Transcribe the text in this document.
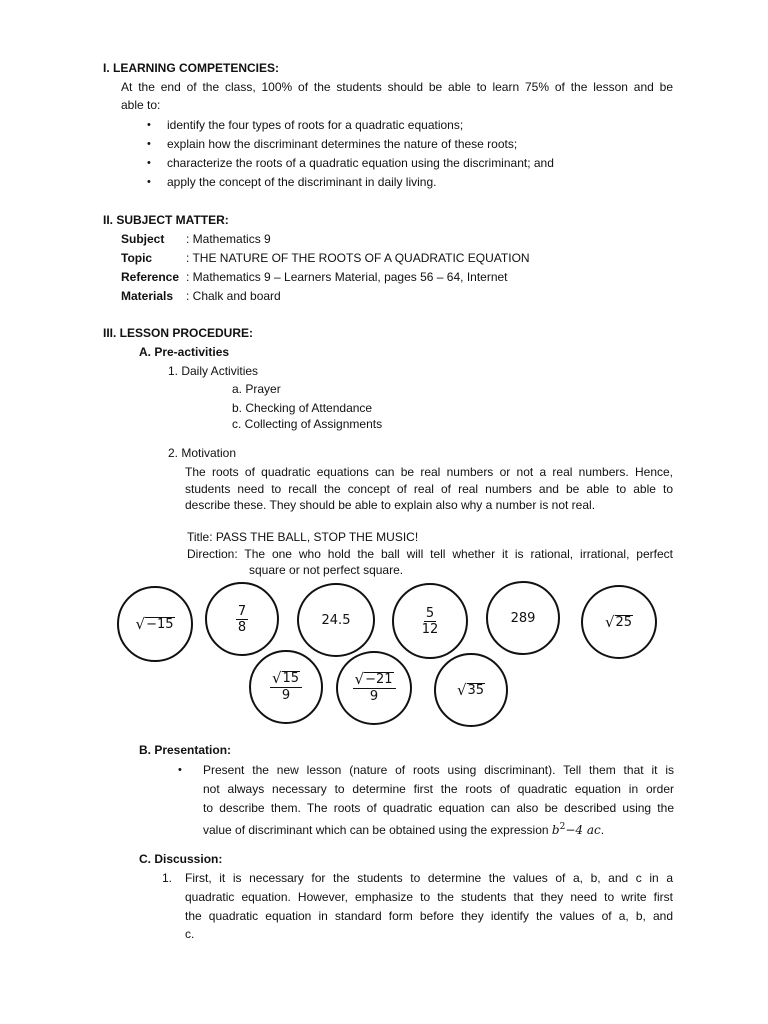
I. LEARNING COMPETENCIES:
At the end of the class, 100% of the students should be able to learn 75% of the lesson and be
able to:
• identify the four types of roots for a quadratic equations;
• explain how the discriminant determines the nature of these roots;
• characterize the roots of a quadratic equation using the discriminant; and
• apply the concept of the discriminant in daily living.
II. SUBJECT MATTER:
Subject : Mathematics 9
Topic	: THE NATURE OF THE ROOTS OF A QUADRATIC EQUATION
Reference : Mathematics 9 – Learners Material, pages 56 – 64, Internet
Materials : Chalk and board
III. LESSON PROCEDURE:
A. Pre-activities
1. Daily Activities
a. Prayer
b. Checking of Attendance
c. Collecting of Assignments
2. Motivation
The roots of quadratic equations can be real numbers or not a real numbers. Hence,
students need to recall the concept of real of real numbers and be able to able to
describe these. They should be able to explain also why a number is not real.
Title: PASS THE BALL, STOP THE MUSIC!
Direction: The one who hold the ball will tell whether it is rational, irrational, perfect
square or not perfect square.
√ −15	$\frac{7}{8}$	24.5	$\frac{5}{12}$	289	√ 25
$\frac{√ 15}{9}$	$\frac{√ -21}{9}$	√ 35
B. Presentation:
• Present the new lesson (nature of roots using discriminant). Tell them that it is
not always necessary to determine first the roots of quadratic equation in order
to describe them. The roots of quadratic equation can also be described using the
value of discriminant which can be obtained using the expression $b^2-4$ ac.
C. Discussion:
1. First, it is necessary for the students to determine the values of a, b, and c in a
quadratic equation. However, emphasize to the students that they need to write first
the quadratic equation in standard form before they identify the values of a, b, and
c.
